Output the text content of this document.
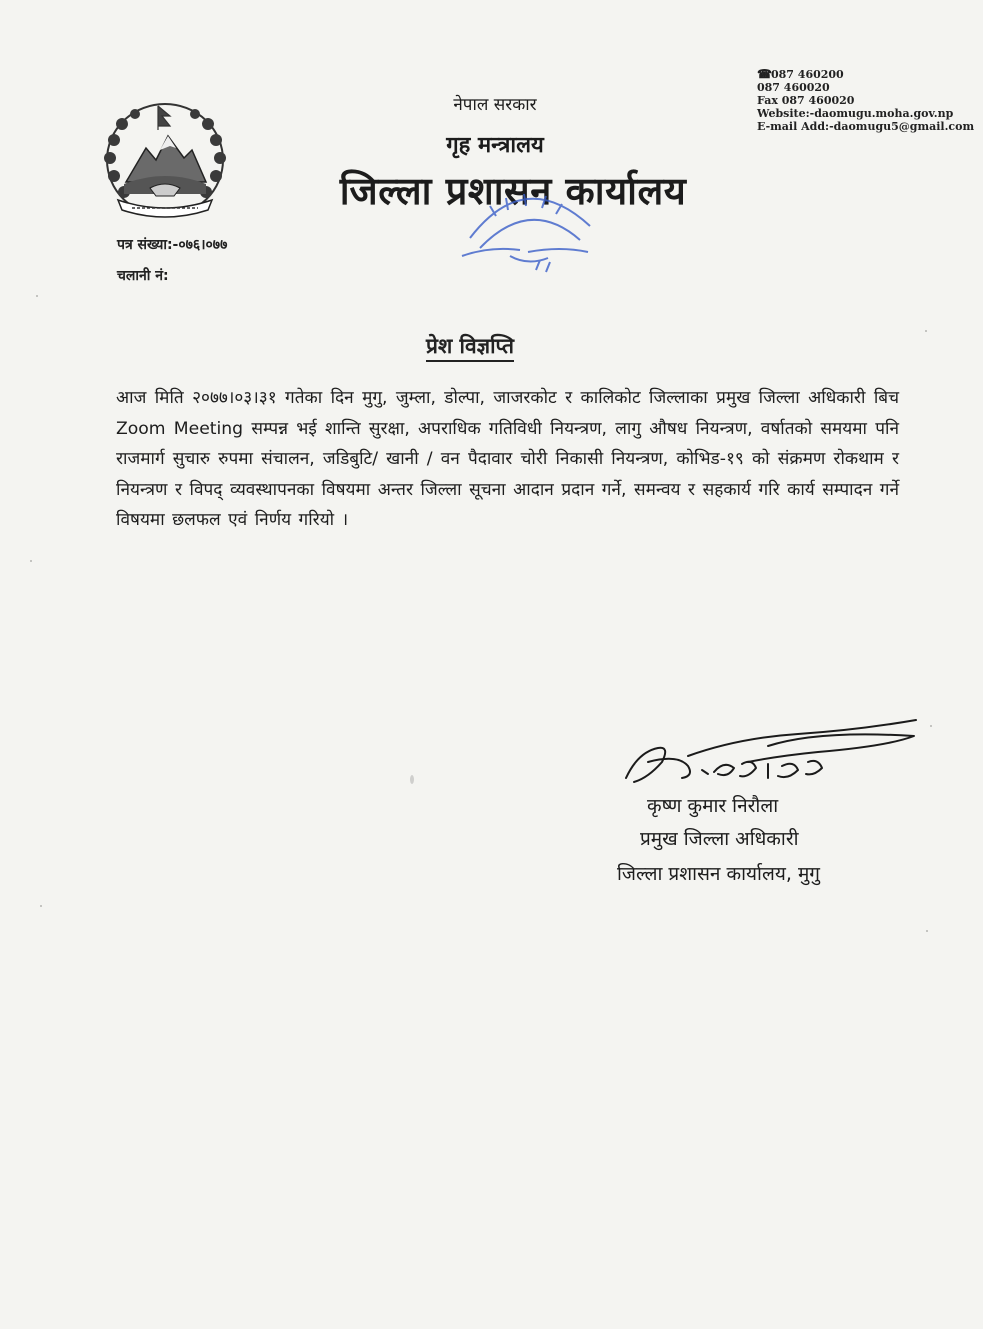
☎087 460200
087 460020
Fax 087 460020
Website:-daomugu.moha.gov.np
E-mail Add:-daomugu5@gmail.com
नेपाल सरकार
गृह मन्त्रालय
जिल्ला प्रशासन कार्यालय
पत्र संख्या:-०७६।०७७
चलानी नं:
प्रेश विज्ञप्ति
आज मिति २०७७।०३।३१ गतेका दिन मुगु, जुम्ला, डोल्पा, जाजरकोट र कालिकोट जिल्लाका प्रमुख जिल्ला अधिकारी बिच Zoom Meeting सम्पन्न भई शान्ति सुरक्षा, अपराधिक गतिविधी नियन्त्रण, लागु औषध नियन्त्रण, वर्षातको समयमा पनि राजमार्ग सुचारु रुपमा संचालन, जडिबुटि/ खानी / वन पैदावार चोरी निकासी नियन्त्रण, कोभिड-१९ को संक्रमण रोकथाम र नियन्त्रण र विपद् व्यवस्थापनका विषयमा अन्तर जिल्ला सूचना आदान प्रदान गर्ने, समन्वय र सहकार्य गरि कार्य सम्पादन गर्ने विषयमा छलफल एवं निर्णय गरियो ।
कृष्ण कुमार निरौला
प्रमुख जिल्ला अधिकारी
जिल्ला प्रशासन कार्यालय, मुगु
